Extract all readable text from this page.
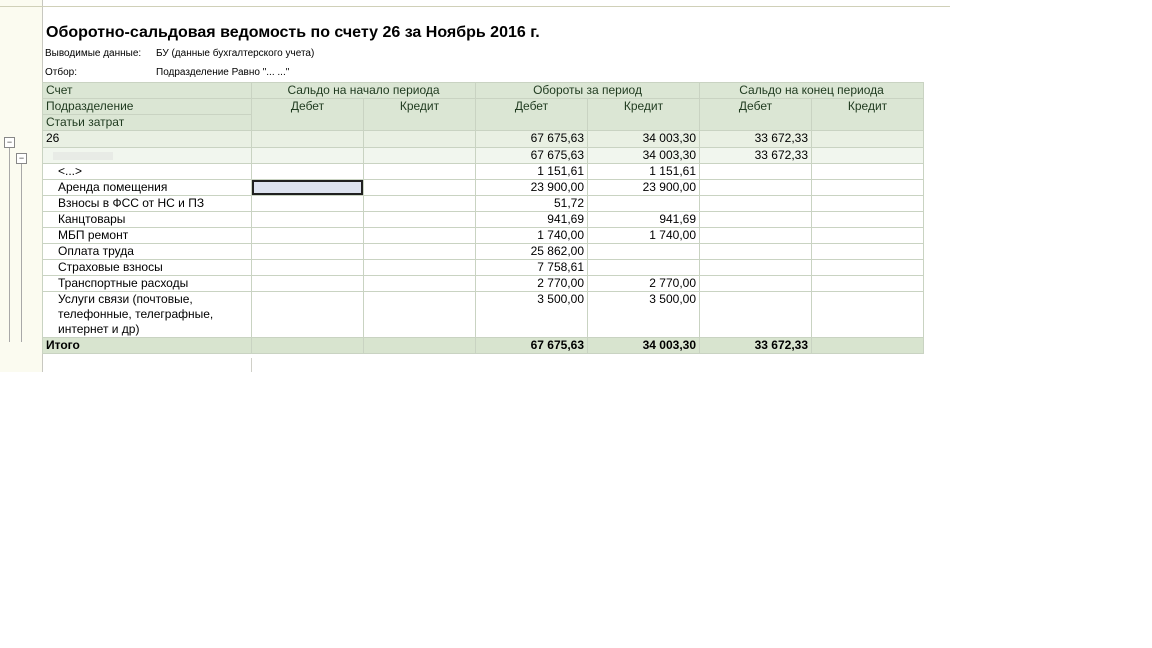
Оборотно-сальдовая ведомость по счету 26 за Ноябрь 2016 г.
Выводимые данные: БУ (данные бухгалтерского учета)
Отбор:	Подразделение Равно "... ..."
−
−
Счет	Сальдо на начало периода		Обороты за период		Сальдо на конец периода	
Подразделение	Дебет	Кредит	Дебет	Кредит	Дебет	Кредит
Статьи затрат						
26			67 675,63	34 003,30	33 672,33	
			67 675,63	34 003,30	33 672,33	
<...>			1 151,61	1 151,61		
Аренда помещения			23 900,00	23 900,00		
Взносы в ФСС от НС и ПЗ			51,72			
Канцтовары			941,69	941,69		
МБП ремонт			1 740,00	1 740,00		
Оплата труда			25 862,00			
Страховые взносы			7 758,61			
Транспортные расходы			2 770,00	2 770,00		
Услуги связи (почтовые, телефонные, телеграфные, интернет и др)			3 500,00	3 500,00		
Итого			67 675,63	34 003,30	33 672,33	
